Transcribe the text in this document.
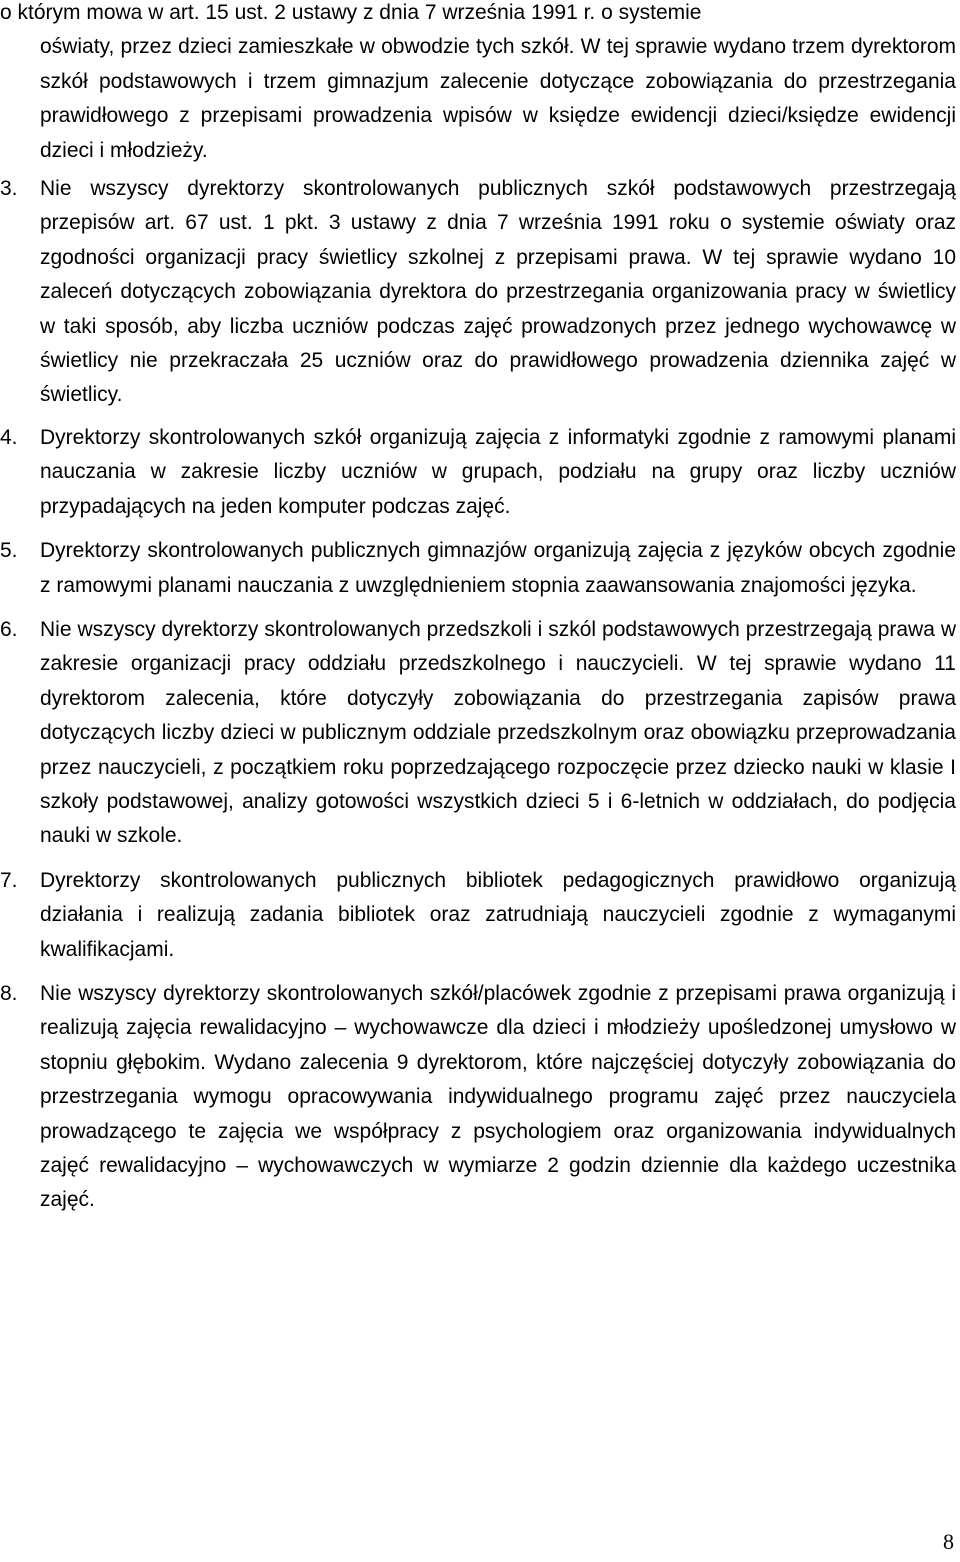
o którym mowa w art. 15 ust. 2 ustawy z dnia 7 września 1991 r. o systemie
oświaty, przez dzieci zamieszkałe w obwodzie tych szkół. W tej sprawie wydano trzem dyrektorom szkół podstawowych i trzem gimnazjum zalecenie dotyczące zobowiązania do przestrzegania prawidłowego z przepisami prowadzenia wpisów w księdze ewidencji dzieci/księdze ewidencji dzieci i młodzieży.
3.	Nie wszyscy dyrektorzy skontrolowanych publicznych szkół podstawowych przestrzegają przepisów art. 67 ust. 1 pkt. 3 ustawy z dnia 7 września 1991 roku o systemie oświaty oraz zgodności organizacji pracy świetlicy szkolnej z przepisami prawa. W tej sprawie wydano 10 zaleceń dotyczących zobowiązania dyrektora do przestrzegania organizowania pracy w świetlicy w taki sposób, aby liczba uczniów podczas zajęć prowadzonych przez jednego wychowawcę w świetlicy nie przekraczała 25 uczniów oraz do prawidłowego prowadzenia dziennika zajęć w świetlicy.

4.	Dyrektorzy skontrolowanych szkół organizują zajęcia z informatyki zgodnie z ramowymi planami nauczania w zakresie liczby uczniów w grupach, podziału na grupy oraz liczby uczniów przypadających na jeden komputer podczas zajęć.

5.	Dyrektorzy skontrolowanych publicznych gimnazjów organizują zajęcia z języków obcych zgodnie z ramowymi planami nauczania z uwzględnieniem stopnia zaawansowania znajomości języka.

6.	Nie wszyscy dyrektorzy skontrolowanych przedszkoli i szkól podstawowych przestrzegają prawa w zakresie organizacji pracy oddziału przedszkolnego i nauczycieli. W tej sprawie wydano 11 dyrektorom zalecenia, które dotyczyły zobowiązania do przestrzegania zapisów prawa dotyczących liczby dzieci w publicznym oddziale przedszkolnym oraz obowiązku przeprowadzania przez nauczycieli, z początkiem roku poprzedzającego rozpoczęcie przez dziecko nauki w klasie I szkoły podstawowej, analizy gotowości wszystkich dzieci 5 i 6-letnich w oddziałach, do podjęcia nauki w szkole.

7.	Dyrektorzy skontrolowanych publicznych bibliotek pedagogicznych prawidłowo organizują działania i realizują zadania bibliotek oraz zatrudniają nauczycieli zgodnie z wymaganymi kwalifikacjami.

8.	Nie wszyscy dyrektorzy skontrolowanych szkół/placówek zgodnie z przepisami prawa organizują i realizują zajęcia rewalidacyjno – wychowawcze dla dzieci i młodzieży upośledzonej umysłowo w stopniu głębokim. Wydano zalecenia 9 dyrektorom, które najczęściej dotyczyły zobowiązania do przestrzegania wymogu opracowywania indywidualnego programu zajęć przez nauczyciela prowadzącego te zajęcia we współpracy z psychologiem oraz organizowania indywidualnych zajęć rewalidacyjno – wychowawczych w wymiarze 2 godzin dziennie dla każdego uczestnika zajęć.

8
